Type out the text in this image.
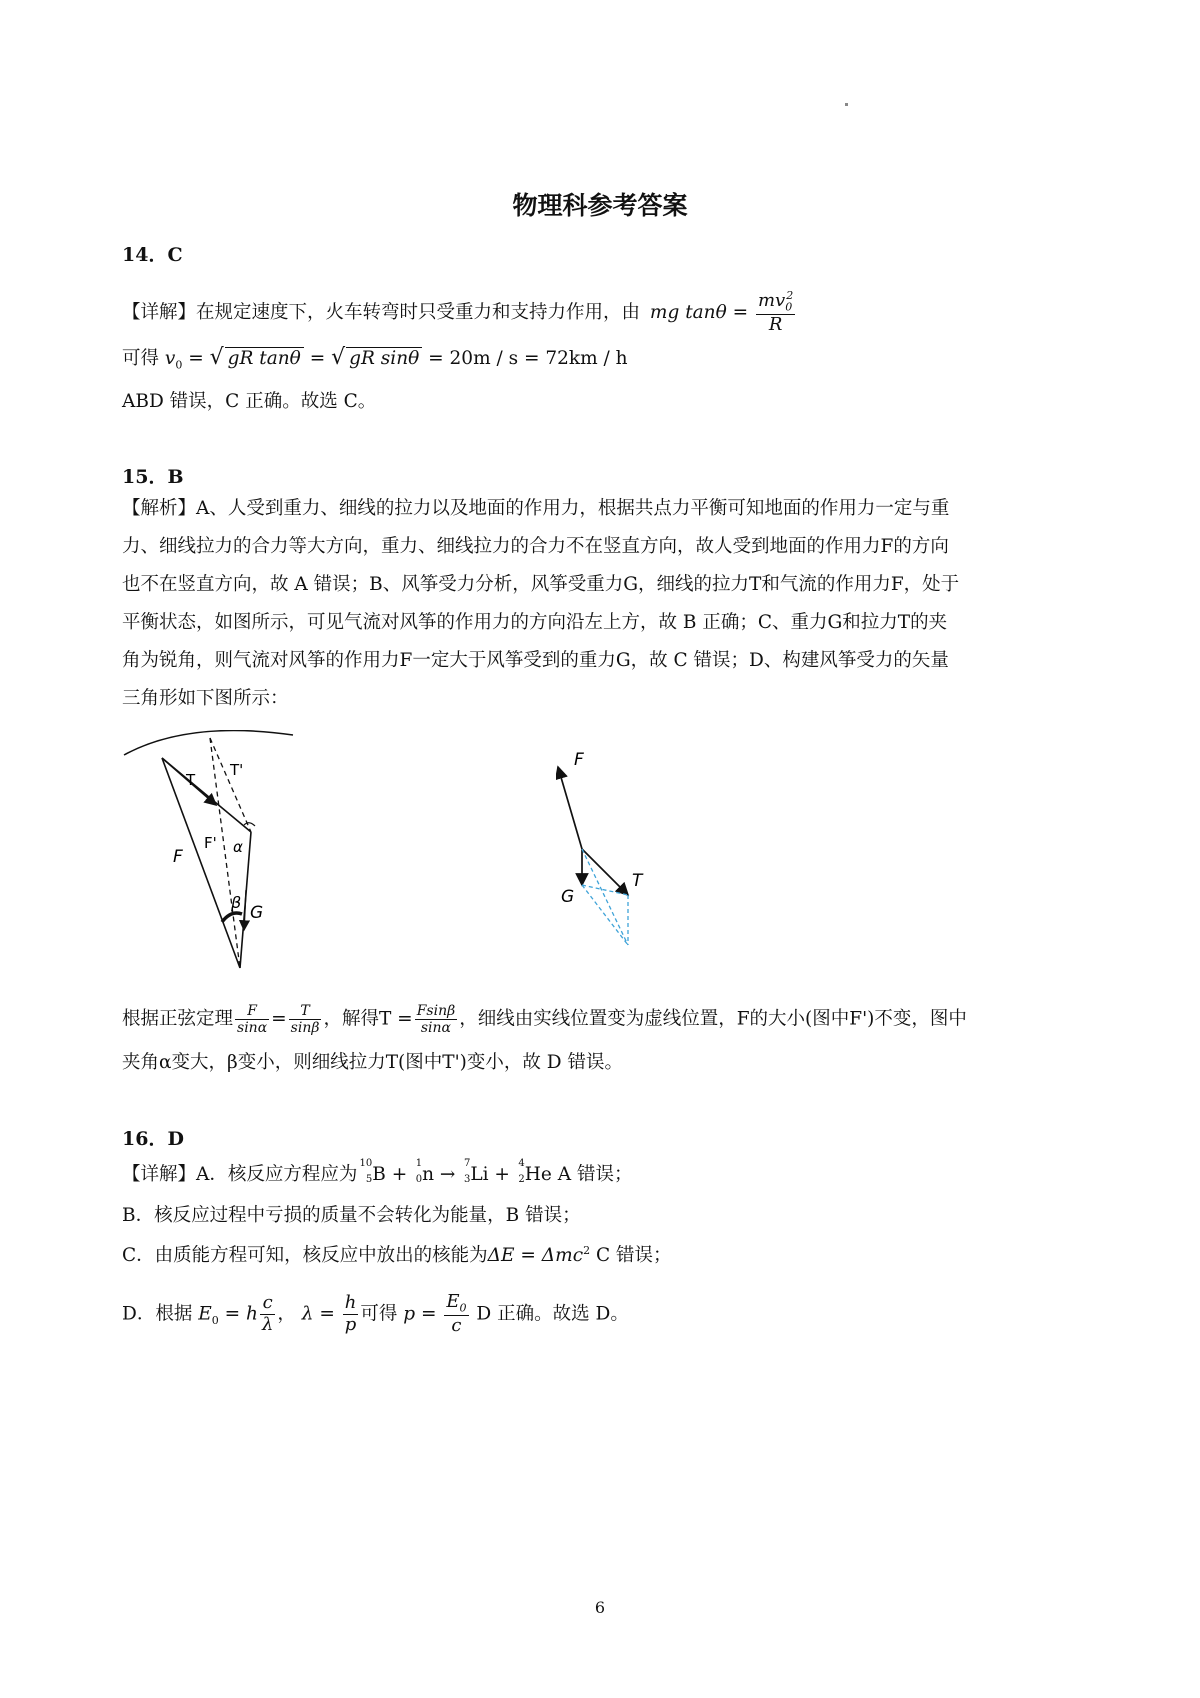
物理科参考答案
14．C
【详解】在规定速度下，火车转弯时只受重力和支持力作用，由 mg $\tan\theta = \frac{mv_0^2}{R}$
可得 $v_0$ = √ gR tanθ = √ gR sinθ = 20m / s = 72km / h
ABD 错误，C 正确。故选 C。
15．B
【解析】A、人受到重力、细线的拉力以及地面的作用力，根据共点力平衡可知地面的作用力一定与重
力、细线拉力的合力等大方向，重力、细线拉力的合力不在竖直方向，故人受到地面的作用力F的方向
也不在竖直方向，故 A 错误；B、风筝受力分析，风筝受重力G，细线的拉力T和气流的作用力F，处于
平衡状态，如图所示，可见气流对风筝的作用力的方向沿左上方，故 B 正确；C、重力G和拉力T的夹
角为锐角，则气流对风筝的作用力F一定大于风筝受到的重力G，故 C 错误；D、构建风筝受力的矢量
三角形如下图所示：
T
T'
F' α
F
β
G
F
G
T
根据正弦定理 $\frac{F}{\sin\alpha} = \frac{T}{\sin\beta}$ ，解得$T = \frac{Fsin\beta}{\sin\alpha}$ ，细线由实线位置变为虚线位置，F的大小(图中F')不变，图中
夹角α变大，β变小，则细线拉力T(图中T')变小，故 D 错误。
16．D
【详解】A．核反应方程应为
10
5 B +
1
0 n →
7
3 Li +
4
2 He A 错误；
B．核反应过程中亏损的质量不会转化为能量，B 错误；
C．由质能方程可知，核反应中放出的核能为ΔE = Δmc$^2$ C 错误；
D．根据 $E_0 = h \frac{c}{\lambda}$ ， $\lambda = \frac{h}{p}$ 可得 $p = \frac{E_0}{c}$ D 正确。故选 D。
6
